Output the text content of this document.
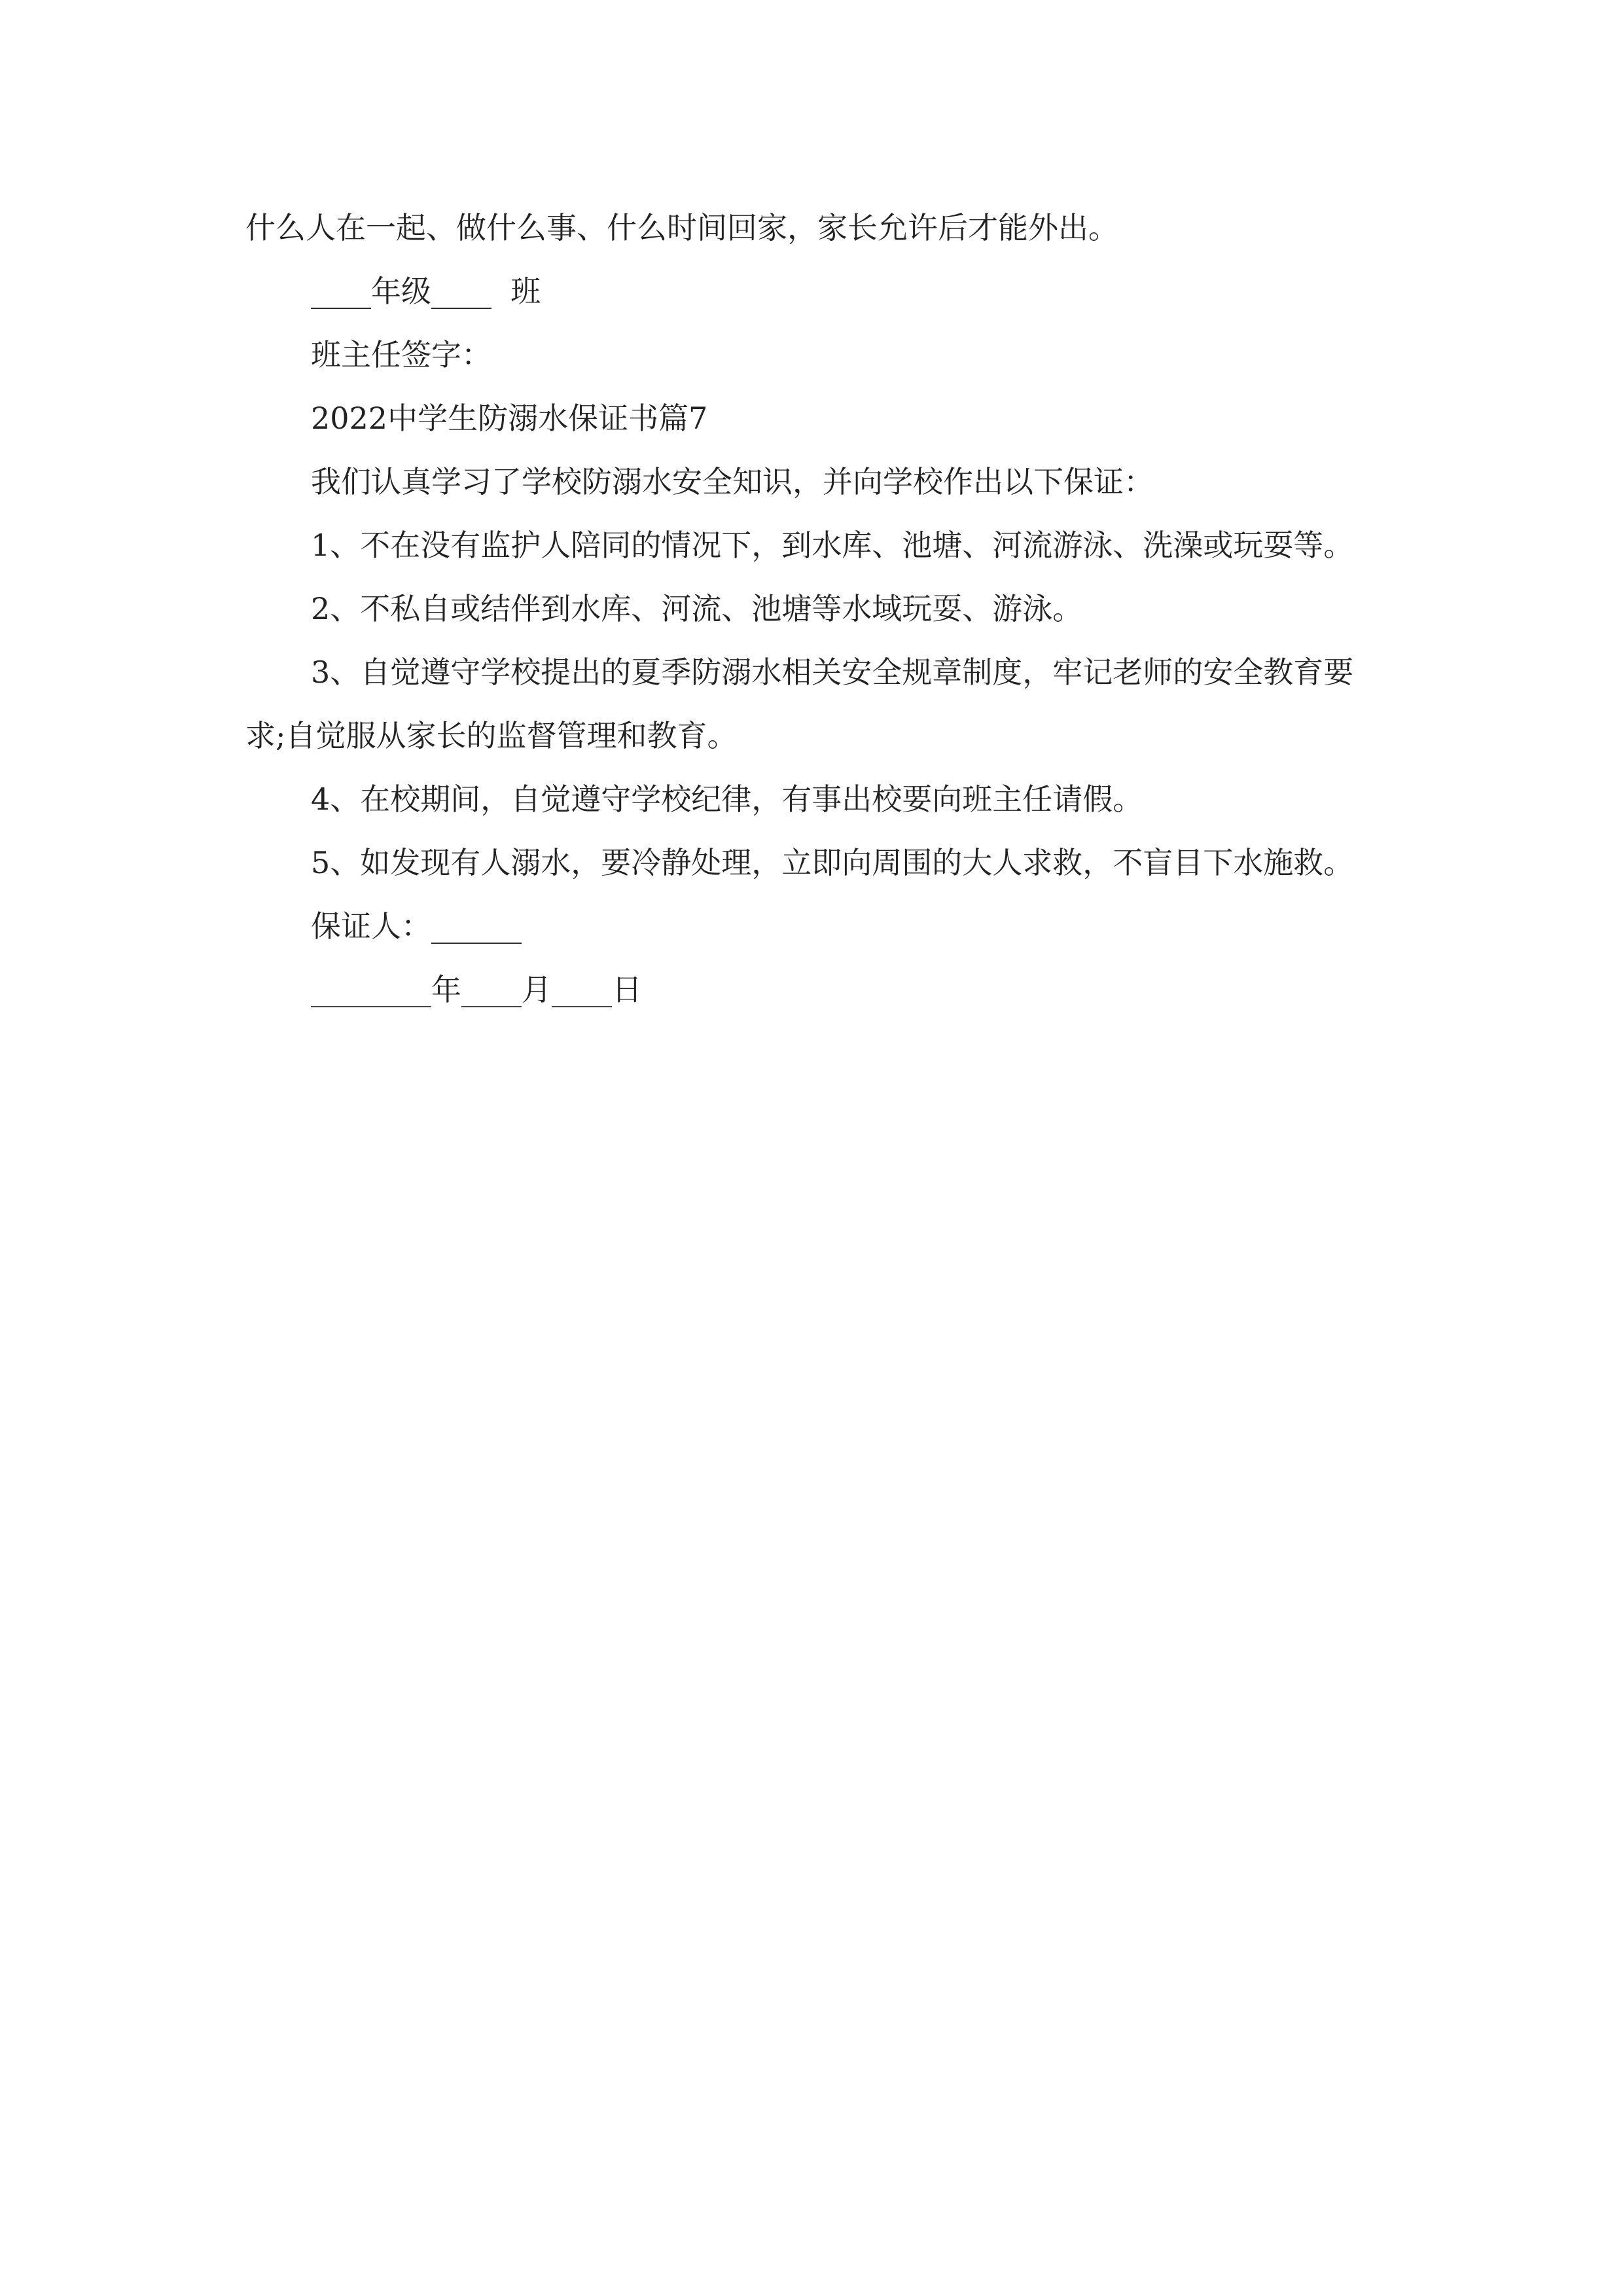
什么人在一起、做什么事、什么时间回家，家长允许后才能外出。

____年级____  班

班主任签字：

2022中学生防溺水保证书篇7

我们认真学习了学校防溺水安全知识，并向学校作出以下保证：

1、不在没有监护人陪同的情况下，到水库、池塘、河流游泳、洗澡或玩耍等。

2、不私自或结伴到水库、河流、池塘等水域玩耍、游泳。

3、自觉遵守学校提出的夏季防溺水相关安全规章制度，牢记老师的安全教育要求;自觉服从家长的监督管理和教育。

4、在校期间，自觉遵守学校纪律，有事出校要向班主任请假。

5、如发现有人溺水，要冷静处理，立即向周围的大人求救，不盲目下水施救。

保证人：______

________年____月____日
